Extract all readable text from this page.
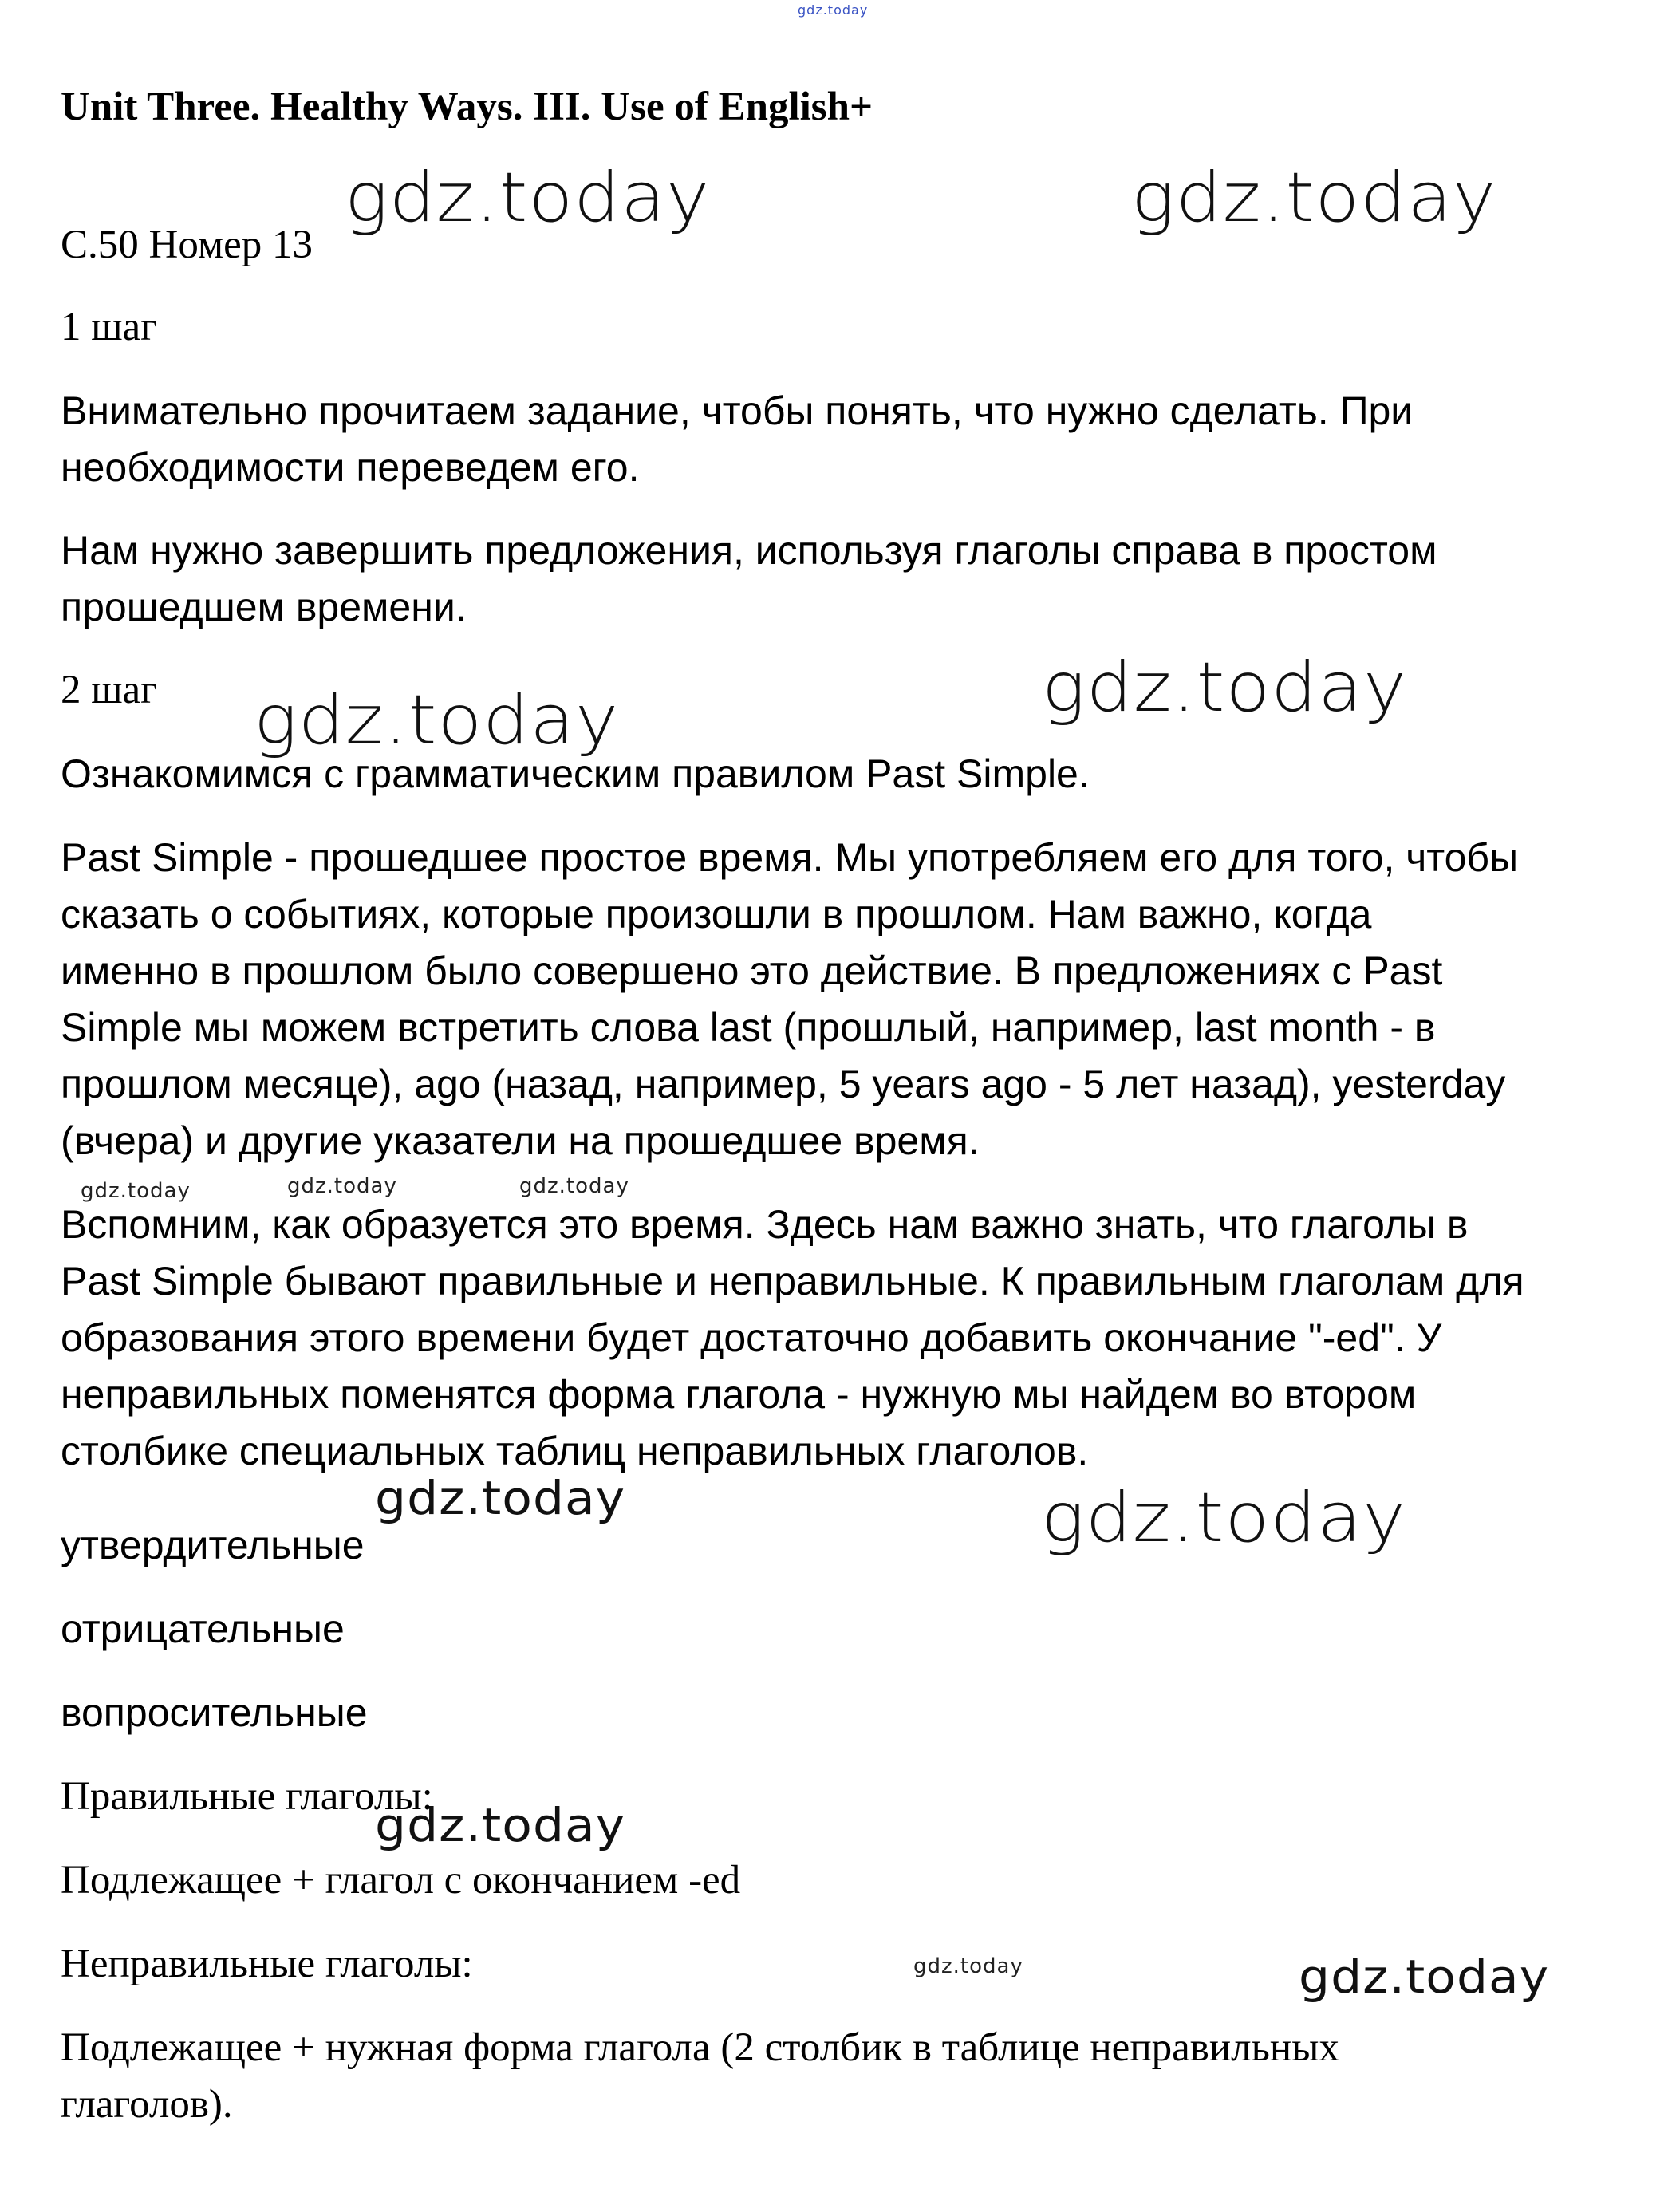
gdz.today
gdz.today	gdz.today
gdz.today
gdz.today
gdz.today	gdz.today	gdz.today
gdz.today	gdz.today
gdz.today
gdz.today	gdz.today
Unit Three. Healthy Ways. III. Use of English+

С.50 Номер 13

1 шаг

Внимательно прочитаем задание, чтобы понять, что нужно сделать. При
необходимости переведем его.
Нам нужно завершить предложения, используя глаголы справа в простом
прошедшем времени.

2 шаг

Ознакомимся с грамматическим правилом Past Simple.

Past Simple - прошедшее простое время. Мы употребляем его для того, чтобы
сказать о событиях, которые произошли в прошлом. Нам важно, когда
именно в прошлом было совершено это действие. В предложениях с Past
Simple мы можем встретить слова last (прошлый, например, last month - в
прошлом месяце), ago (назад, например, 5 years ago - 5 лет назад), yesterday
(вчера) и другие указатели на прошедшее время.
Вспомним, как образуется это время. Здесь нам важно знать, что глаголы в
Past Simple бывают правильные и неправильные. К правильным глаголам для
образования этого времени будет достаточно добавить окончание "-ed". У
неправильных поменятся форма глагола - нужную мы найдем во втором
столбике специальных таблиц неправильных глаголов.

утвердительные

отрицательные

вопросительные

Правильные глаголы:

Подлежащее + глагол с окончанием -ed

Неправильные глаголы:

Подлежащее + нужная форма глагола (2 столбик в таблице неправильных
глаголов).
